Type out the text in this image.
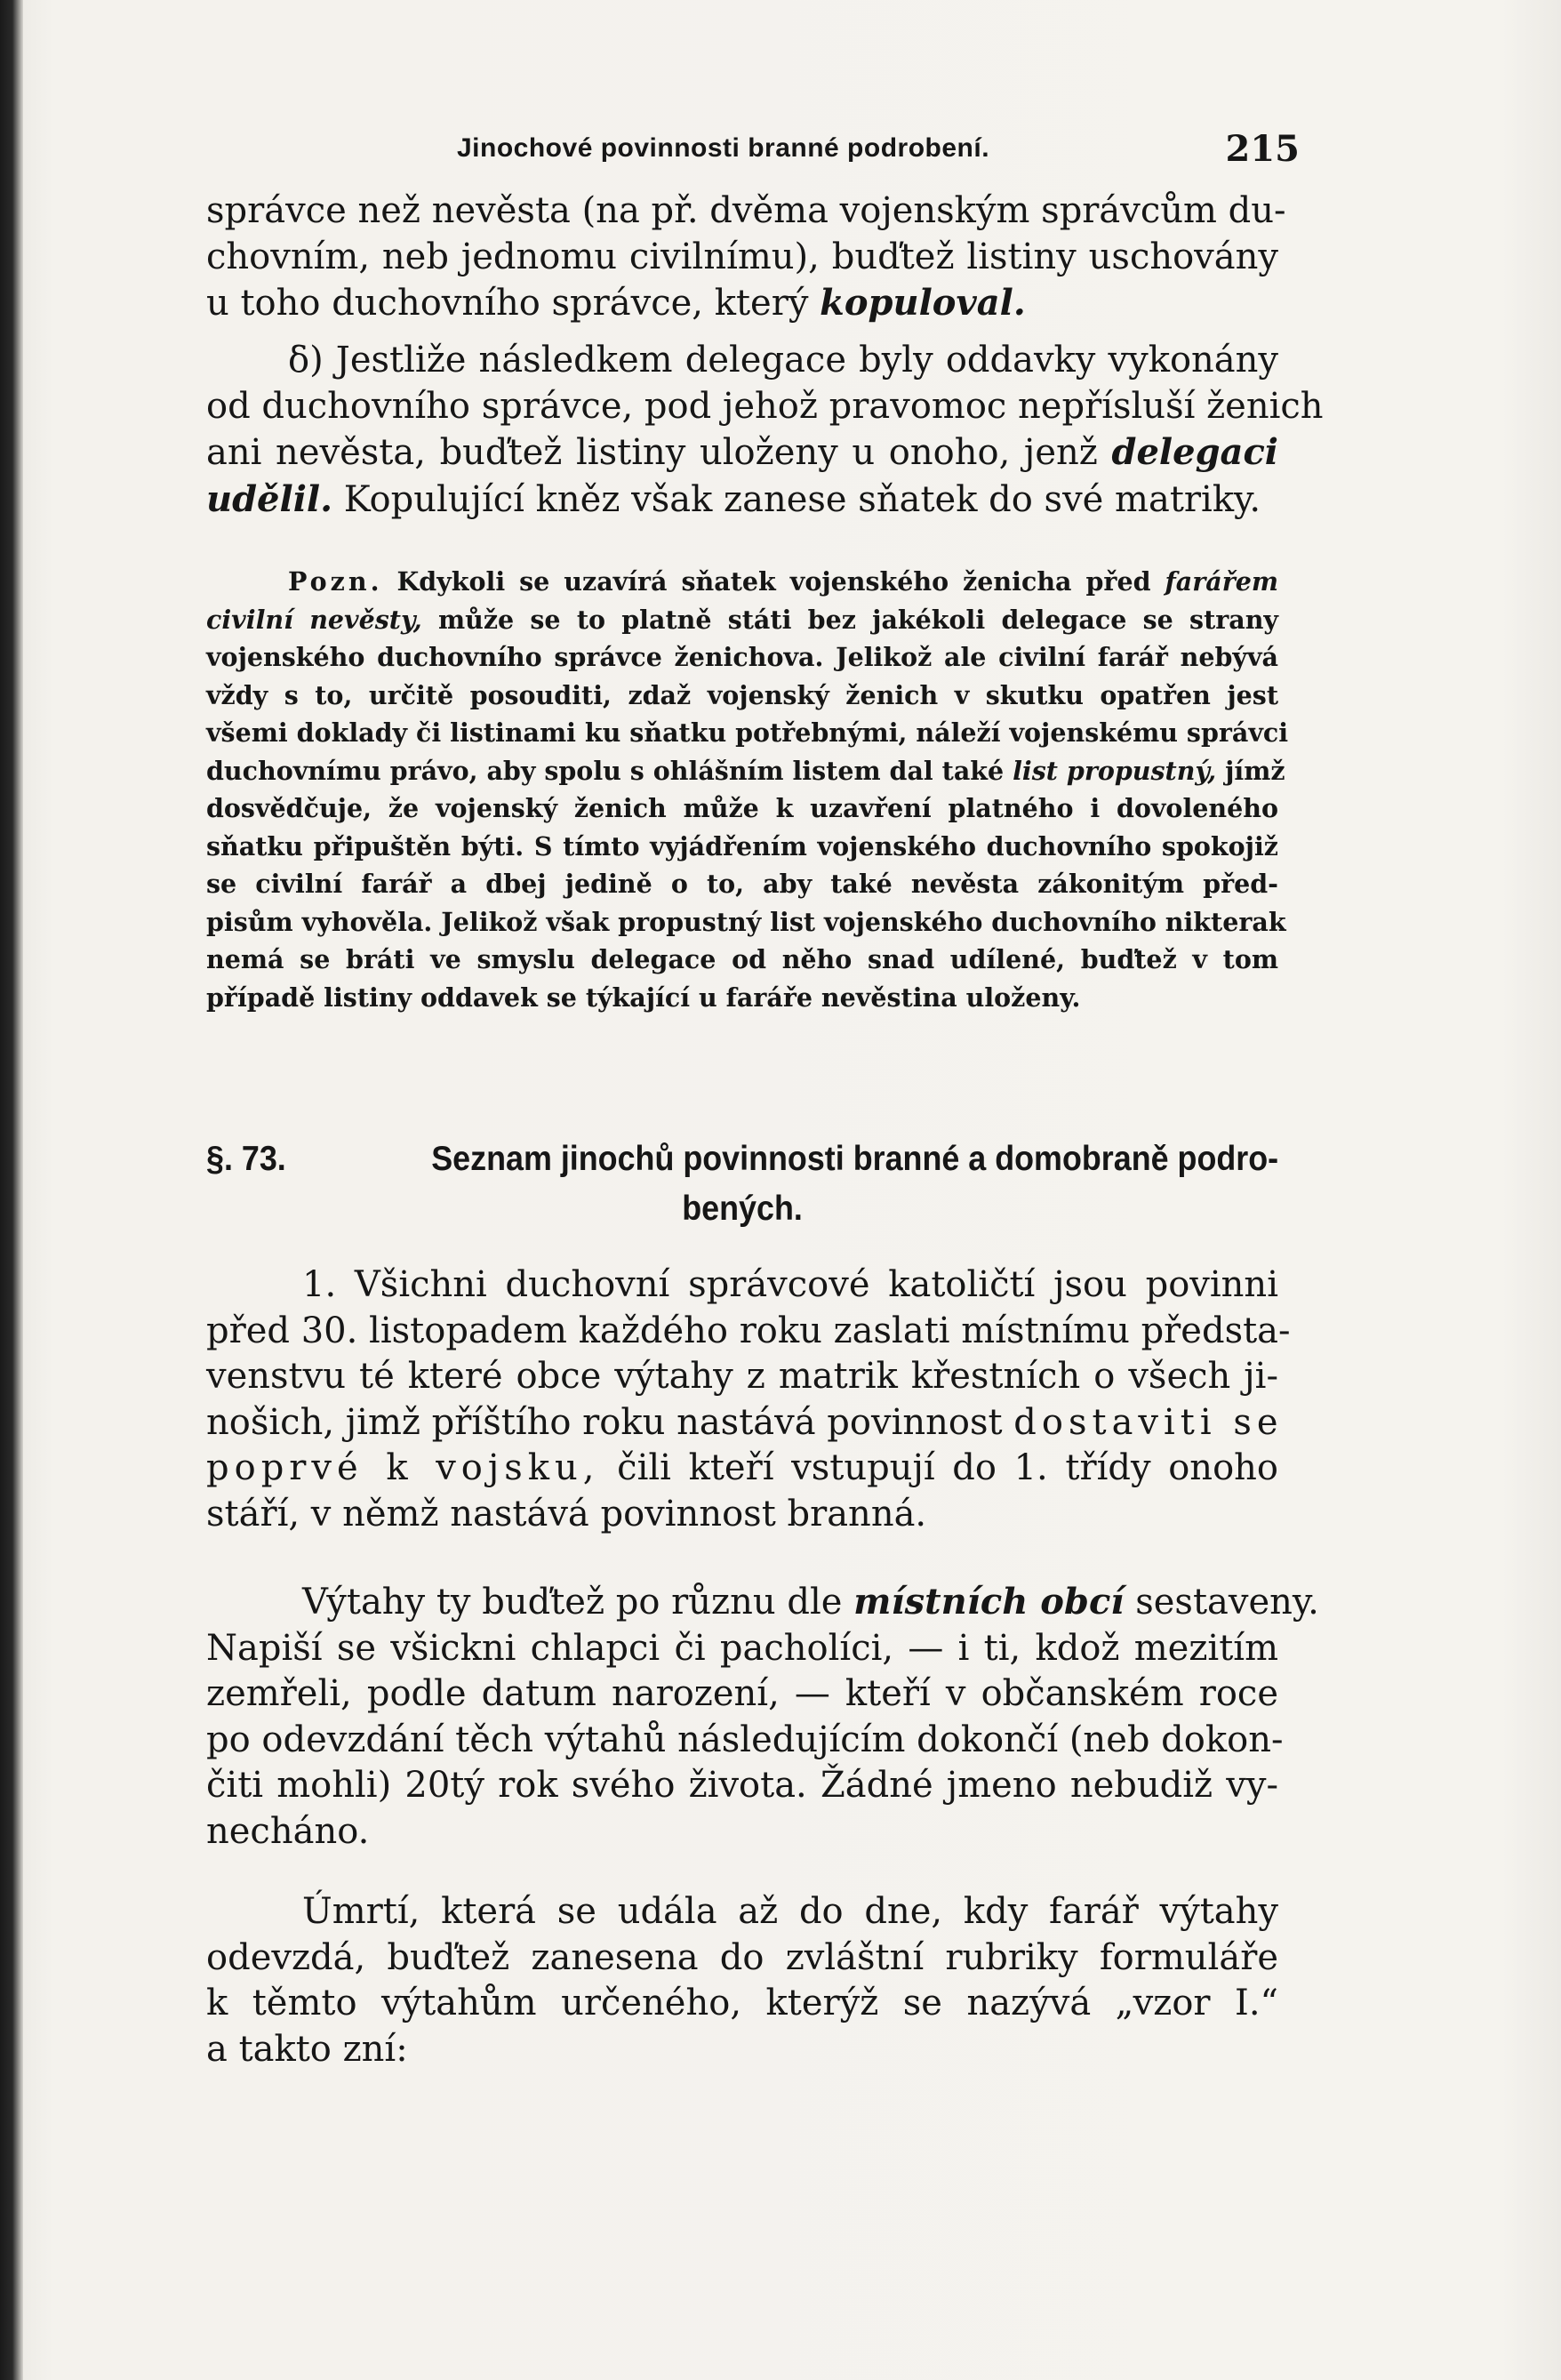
Jinochové povinnosti branné podrobení.	215
správce než nevěsta (na př. dvěma vojenským správcům du-
chovním, neb jednomu civilnímu), buďtež listiny uschovány
u toho duchovního správce, který kopuloval.
δ) Jestliže následkem delegace byly oddavky vykonány
od duchovního správce, pod jehož pravomoc nepřísluší ženich
ani nevěsta, buďtež listiny uloženy u onoho, jenž delegaci
udělil. Kopulující kněz však zanese sňatek do své matriky.
Pozn. Kdykoli se uzavírá sňatek vojenského ženicha před farářem
civilní nevěsty, může se to platně státi bez jakékoli delegace se strany
vojenského duchovního správce ženichova. Jelikož ale civilní farář nebývá
vždy s to, určitě posouditi, zdaž vojenský ženich v skutku opatřen jest
všemi doklady či listinami ku sňatku potřebnými, náleží vojenskému správci
duchovnímu právo, aby spolu s ohlášním listem dal také list propustný, jímž
dosvědčuje, že vojenský ženich může k uzavření platného i dovoleného
sňatku připuštěn býti. S tímto vyjádřením vojenského duchovního spokojiž
se civilní farář a dbej jedině o to, aby také nevěsta zákonitým před-
pisům vyhověla. Jelikož však propustný list vojenského duchovního nikterak
nemá se bráti ve smyslu delegace od něho snad udílené, buďtež v tom
případě listiny oddavek se týkající u faráře nevěstina uloženy.
§. 73.	Seznam jinochů povinnosti branné a domobraně podro-
bených.
1. Všichni duchovní správcové katoličtí jsou povinni
před 30. listopadem každého roku zaslati místnímu předsta-
venstvu té které obce výtahy z matrik křestních o všech ji-
nošich, jimž příštího roku nastává povinnost dostaviti se
poprvé k vojsku, čili kteří vstupují do 1. třídy onoho
stáří, v němž nastává povinnost branná.
Výtahy ty buďtež po různu dle místních obcí sestaveny.
Napiší se všickni chlapci či pacholíci, — i ti, kdož mezitím
zemřeli, podle datum narození, — kteří v občanském roce
po odevzdání těch výtahů následujícím dokončí (neb dokon-
čiti mohli) 20tý rok svého života. Žádné jmeno nebudiž vy-
necháno.
Úmrtí, která se udála až do dne, kdy farář výtahy
odevzdá, buďtež zanesena do zvláštní rubriky formuláře
k těmto výtahům určeného, kterýž se nazývá „vzor I.“
a takto zní:
